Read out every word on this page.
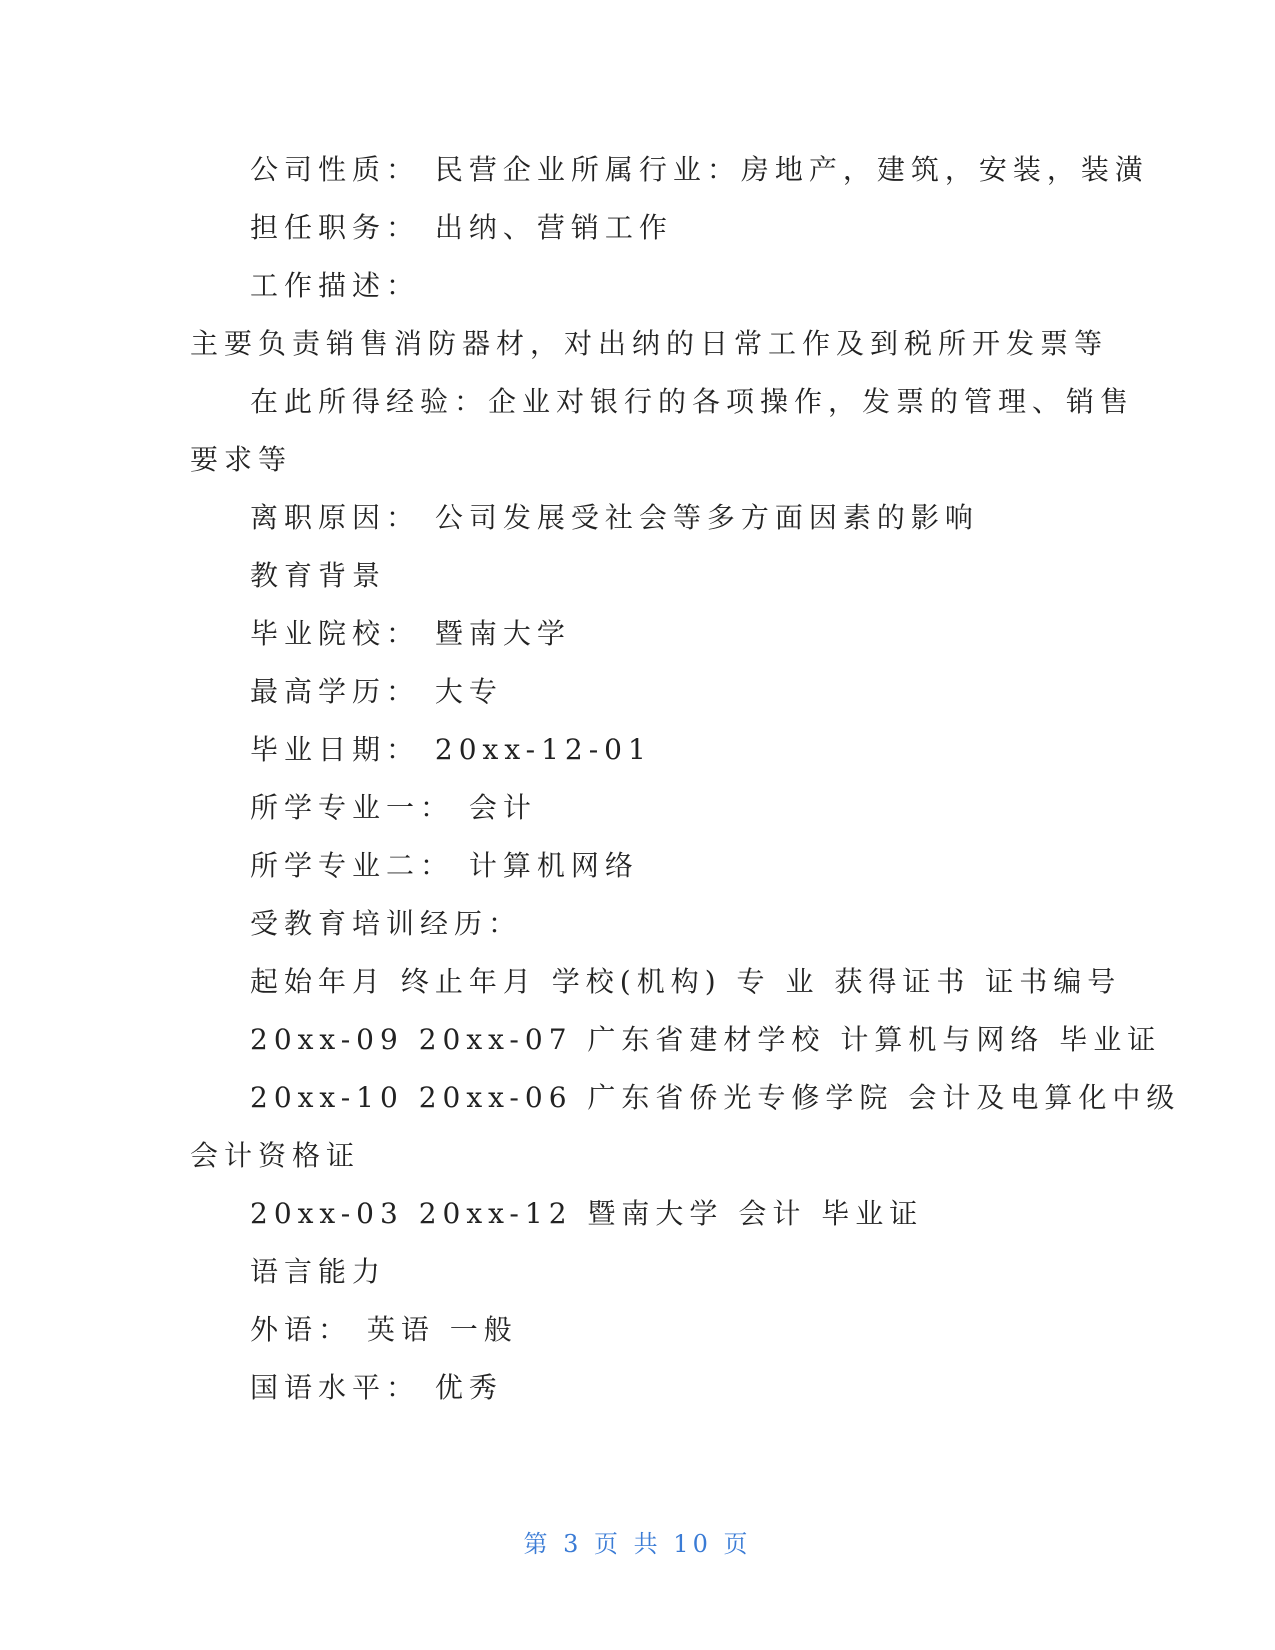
公司性质： 民营企业所属行业：房地产，建筑，安装，装潢
担任职务： 出纳、营销工作
工作描述：
主要负责销售消防器材，对出纳的日常工作及到税所开发票等
在此所得经验：企业对银行的各项操作，发票的管理、销售
要求等
离职原因： 公司发展受社会等多方面因素的影响
教育背景
毕业院校： 暨南大学
最高学历： 大专
毕业日期： 20xx-12-01
所学专业一： 会计
所学专业二： 计算机网络
受教育培训经历：
起始年月 终止年月 学校(机构) 专 业 获得证书 证书编号
20xx-09 20xx-07 广东省建材学校 计算机与网络 毕业证
20xx-10 20xx-06 广东省侨光专修学院 会计及电算化中级
会计资格证
20xx-03 20xx-12 暨南大学 会计 毕业证
语言能力
外语： 英语 一般
国语水平： 优秀
第 3 页 共 10 页
